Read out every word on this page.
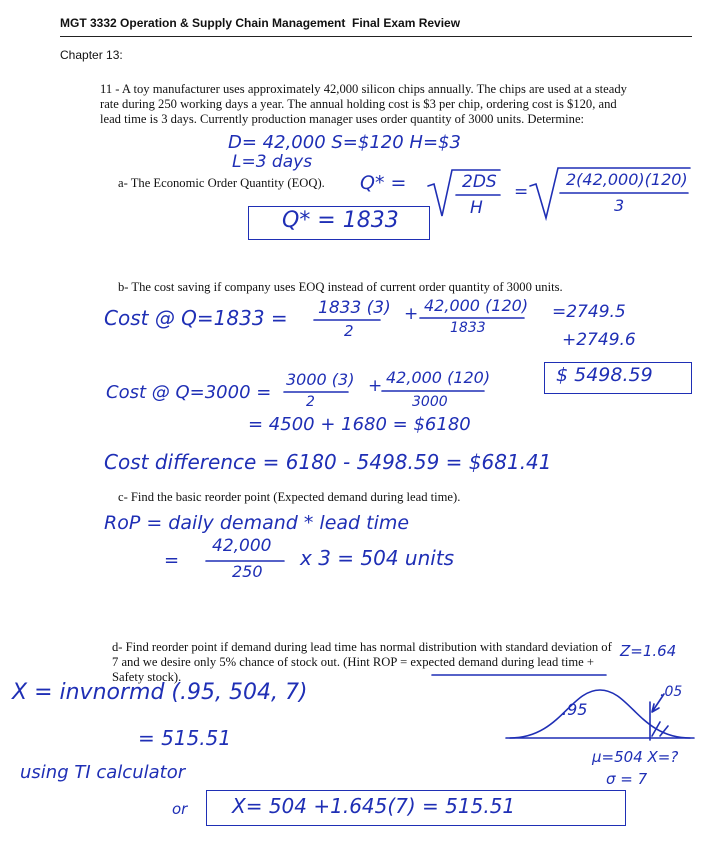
MGT 3332 Operation & Supply Chain Management Final Exam Review
Chapter 13:
11 - A toy manufacturer uses approximately 42,000 silicon chips annually. The chips are used at a steady rate during 250 working days a year. The annual holding cost is $3 per chip, ordering cost is $120, and lead time is 3 days. Currently production manager uses order quantity of 3000 units. Determine:
a- The Economic Order Quantity (EOQ).
b- The cost saving if company uses EOQ instead of current order quantity of 3000 units.
c- Find the basic reorder point (Expected demand during lead time).
d- Find reorder point if demand during lead time has normal distribution with standard deviation of 7 and we desire only 5% chance of stock out. (Hint ROP = expected demand during lead time + Safety stock).
D= 42,000 S=$120 H=$3
L=3 days
Q* =	2DS
H
=
2(42,000)(120)
3
Q* = 1833
Cost @ Q=1833 = 1833 (3)
2
+ 42,000 (120)
1833
=2749.5
+2749.6
$ 5498.59
Cost @ Q=3000 =
3000 (3)
2
+ 42,000 (120)
3000
= 4500 + 1680 = $6180
Cost difference = 6180 - 5498.59 = $681.41
RoP = daily demand * lead time
=
42,000
250
x 3 = 504 units
Z=1.64
X = invnormd (.95, 504, 7)
= 515.51
using TI calculator
or X= 504 +1.645(7) = 515.51
.95
.05
μ=504 X=?
σ = 7
